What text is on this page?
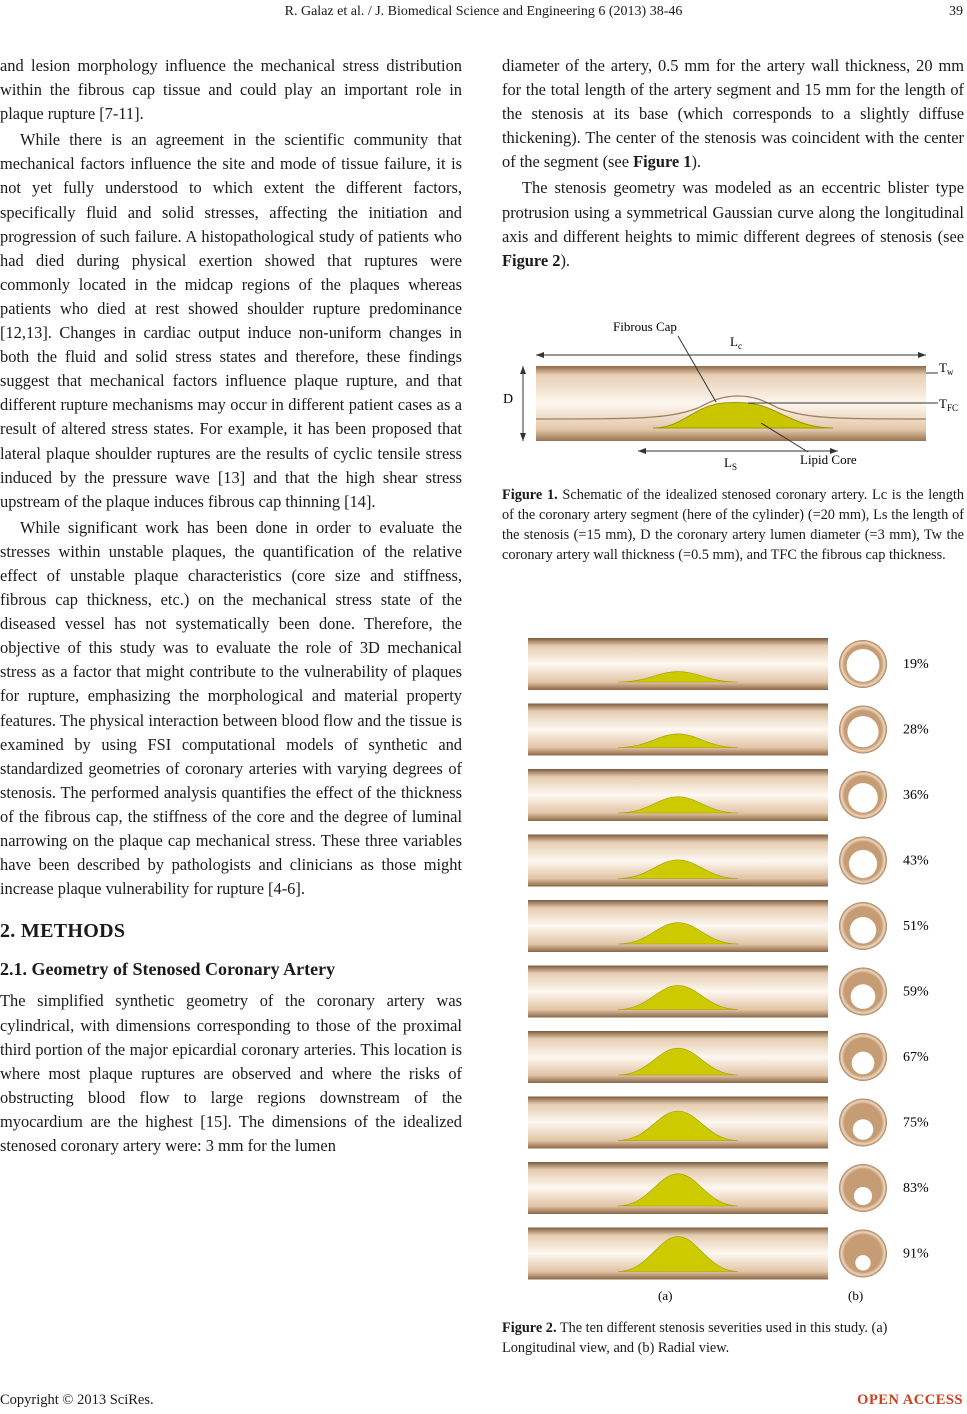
R. Galaz et al. / J. Biomedical Science and Engineering 6 (2013) 38-46	39

and lesion morphology influence the mechanical stress distribution within the fibrous cap tissue and could play an important role in plaque rupture [7-11].

While there is an agreement in the scientific community that mechanical factors influence the site and mode of tissue failure, it is not yet fully understood to which extent the different factors, specifically fluid and solid stresses, affecting the initiation and progression of such failure. A histopathological study of patients who had died during physical exertion showed that ruptures were commonly located in the midcap regions of the plaques whereas patients who died at rest showed shoulder rupture predominance [12,13]. Changes in cardiac output induce non-uniform changes in both the fluid and solid stress states and therefore, these findings suggest that mechanical factors influence plaque rupture, and that different rupture mechanisms may occur in different patient cases as a result of altered stress states. For example, it has been proposed that lateral plaque shoulder ruptures are the results of cyclic tensile stress induced by the pressure wave [13] and that the high shear stress upstream of the plaque induces fibrous cap thinning [14].

While significant work has been done in order to evaluate the stresses within unstable plaques, the quantification of the relative effect of unstable plaque characteristics (core size and stiffness, fibrous cap thickness, etc.) on the mechanical stress state of the diseased vessel has not systematically been done. Therefore, the objective of this study was to evaluate the role of 3D mechanical stress as a factor that might contribute to the vulnerability of plaques for rupture, emphasizing the morphological and material property features. The physical interaction between blood flow and the tissue is examined by using FSI computational models of synthetic and standardized geometries of coronary arteries with varying degrees of stenosis. The performed analysis quantifies the effect of the thickness of the fibrous cap, the stiffness of the core and the degree of luminal narrowing on the plaque cap mechanical stress. These three variables have been described by pathologists and clinicians as those might increase plaque vulnerability for rupture [4-6].

2. METHODS

2.1. Geometry of Stenosed Coronary Artery

The simplified synthetic geometry of the coronary artery was cylindrical, with dimensions corresponding to those of the proximal third portion of the major epicardial coronary arteries. This location is where most plaque ruptures are observed and where the risks of obstructing blood flow to large regions downstream of the myocardium are the highest [15]. The dimensions of the idealized stenosed coronary artery were: 3 mm for the lumen

diameter of the artery, 0.5 mm for the artery wall thickness, 20 mm for the total length of the artery segment and 15 mm for the length of the stenosis at its base (which corresponds to a slightly diffuse thickening). The center of the stenosis was coincident with the center of the segment (see Figure 1).

The stenosis geometry was modeled as an eccentric blister type protrusion using a symmetrical Gaussian curve along the longitudinal axis and different heights to mimic different degrees of stenosis (see Figure 2).

$L_c$
D
$L_S$
Fibrous Cap
Lipid Core
$T_w$
$T_{FC}$
Figure 1. Schematic of the idealized stenosed coronary artery. Lc is the length of the coronary artery segment (here of the cylinder) (=20 mm), Ls the length of the stenosis (=15 mm), D the coronary artery lumen diameter (=3 mm), Tw the coronary artery wall thickness (=0.5 mm), and TFC the fibrous cap thickness.
19%
28%
36%
43%
51%
59%
67%
75%
83%
91%
(a)	(b)
Figure 2. The ten different stenosis severities used in this study. (a) Longitudinal view, and (b) Radial view.
Copyright © 2013 SciRes.	OPEN ACCESS
